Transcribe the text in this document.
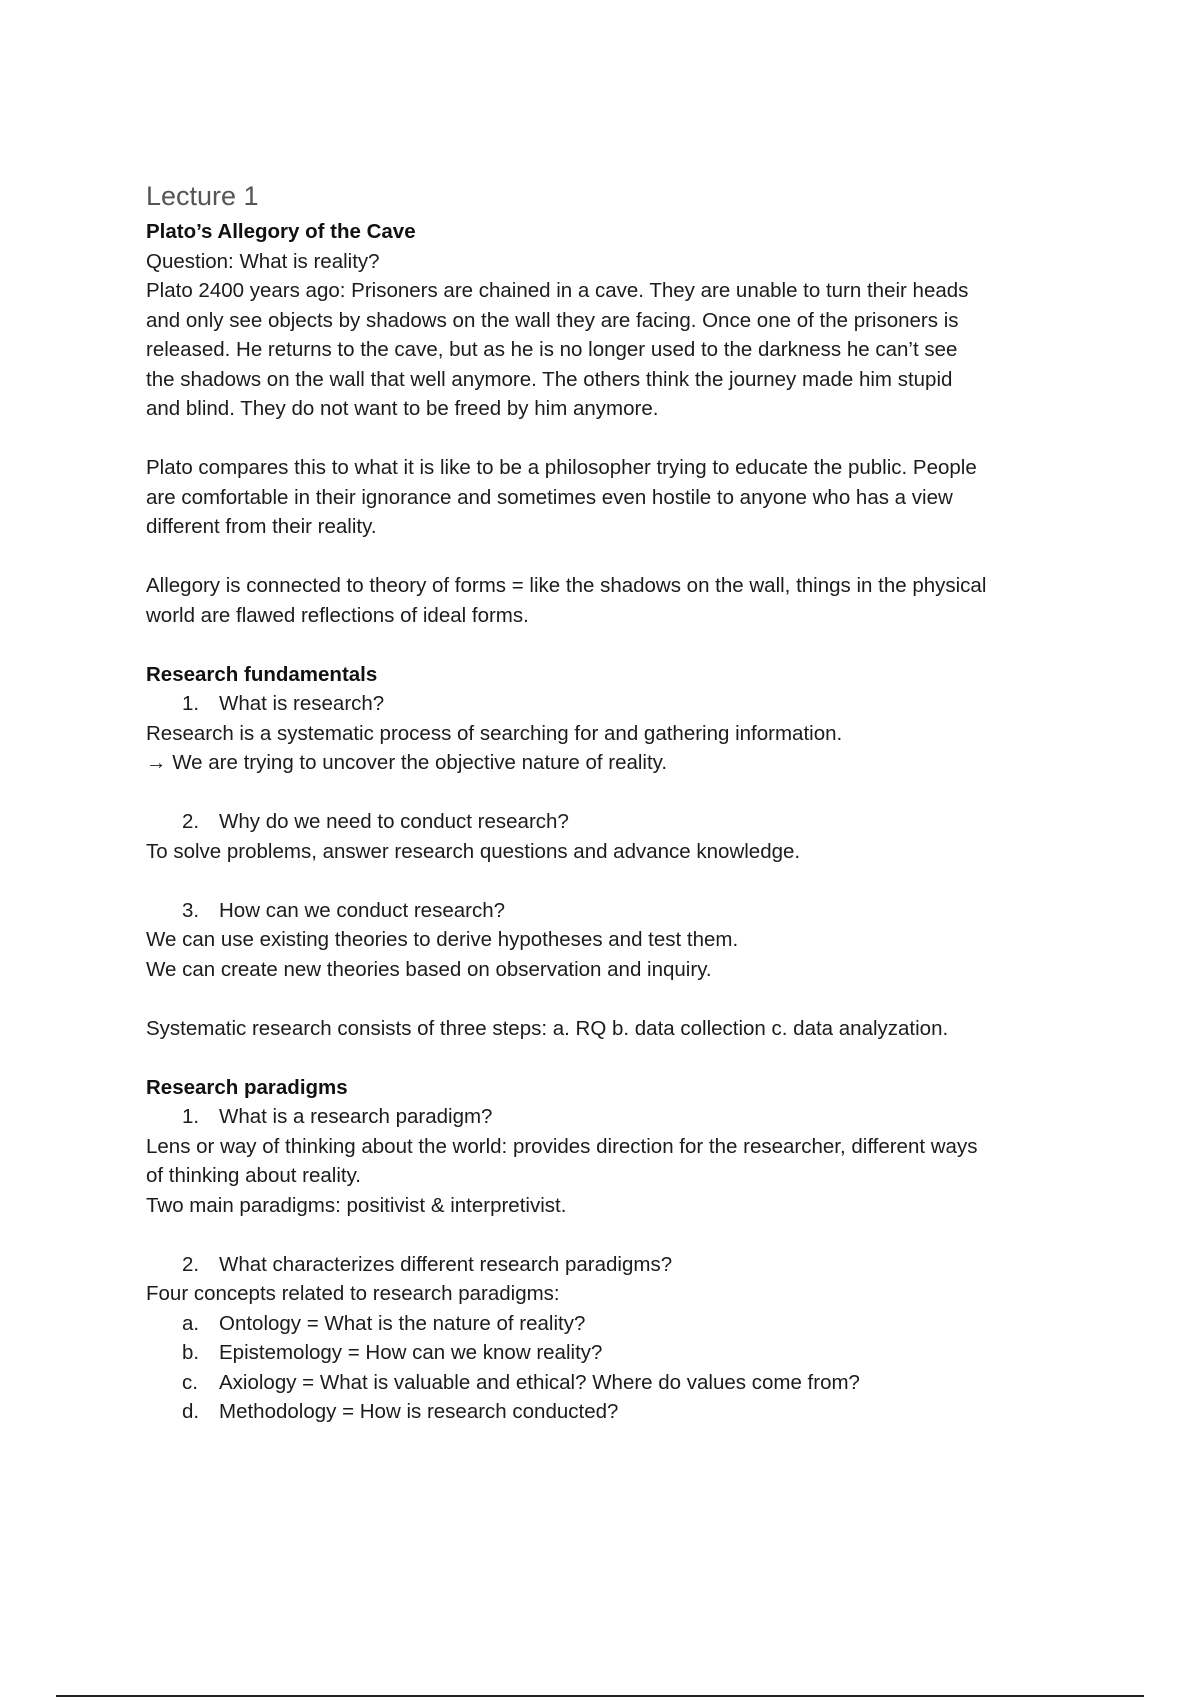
Lecture 1

Plato’s Allegory of the Cave

Question: What is reality?

Plato 2400 years ago: Prisoners are chained in a cave. They are unable to turn their heads

and only see objects by shadows on the wall they are facing. Once one of the prisoners is

released. He returns to the cave, but as he is no longer used to the darkness he can’t see

the shadows on the wall that well anymore. The others think the journey made him stupid

and blind. They do not want to be freed by him anymore.

Plato compares this to what it is like to be a philosopher trying to educate the public. People

are comfortable in their ignorance and sometimes even hostile to anyone who has a view

different from their reality.

Allegory is connected to theory of forms = like the shadows on the wall, things in the physical

world are flawed reflections of ideal forms.

Research fundamentals

1. What is research?

Research is a systematic process of searching for and gathering information.

→ We are trying to uncover the objective nature of reality.

2. Why do we need to conduct research?

To solve problems, answer research questions and advance knowledge.

3. How can we conduct research?

We can use existing theories to derive hypotheses and test them.

We can create new theories based on observation and inquiry.

Systematic research consists of three steps: a. RQ b. data collection c. data analyzation.

Research paradigms

1. What is a research paradigm?

Lens or way of thinking about the world: provides direction for the researcher, different ways

of thinking about reality.

Two main paradigms: positivist & interpretivist.

2. What characterizes different research paradigms?

Four concepts related to research paradigms:

a. Ontology = What is the nature of reality?
b. Epistemology = How can we know reality?
c.	Axiology = What is valuable and ethical? Where do values come from?
d. Methodology = How is research conducted?
